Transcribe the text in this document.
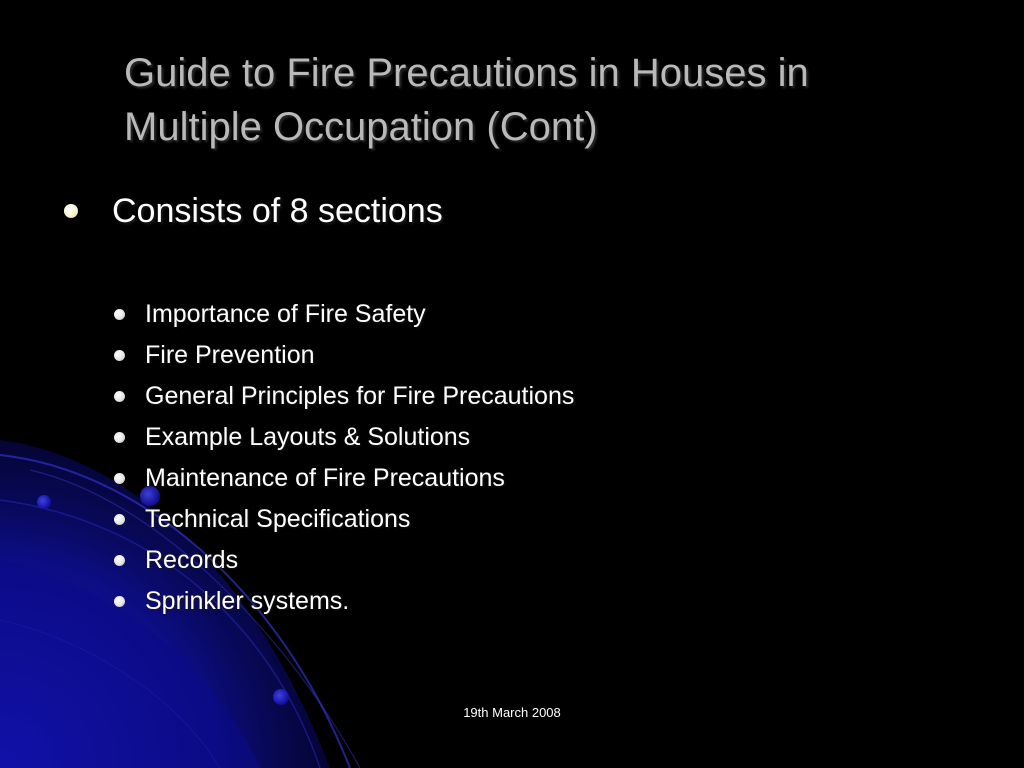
Guide to Fire Precautions in Houses in
Multiple Occupation (Cont)
Consists of 8 sections
Importance of Fire Safety
Fire Prevention
General Principles for Fire Precautions
Example Layouts & Solutions
Maintenance of Fire Precautions
Technical Specifications
Records
Sprinkler systems.
19th March 2008
